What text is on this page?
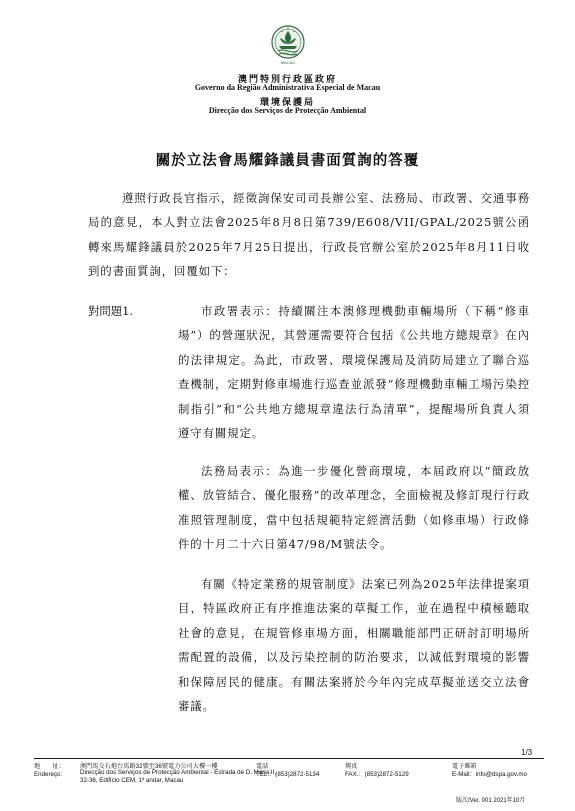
MACAU
澳門特別行政區政府
Governo da Região Administrativa Especial de Macau
環境保護局
Direcção dos Serviços de Protecção Ambiental
關於立法會馬耀鋒議員書面質詢的答覆
遵照行政長官指示，經徵詢保安司司長辦公室、法務局、市政署、交通事務局的意見，本人對立法會2025年8月8日第739/E608/VII/GPAL/2025號公函轉來馬耀鋒議員於2025年7月25日提出，行政長官辦公室於2025年8月11日收到的書面質詢，回覆如下：
對問題1.	市政署表示：持續關注本澳修理機動車輛場所（下稱“修車場”）的營運狀況，其營運需要符合包括《公共地方總規章》在內的法律規定。為此，市政署、環境保護局及消防局建立了聯合巡查機制，定期對修車場進行巡查並派發“修理機動車輛工場污染控制指引”和“公共地方總規章違法行為清單”，提醒場所負責人須遵守有關規定。
法務局表示：為進一步優化營商環境，本屆政府以“簡政放權、放管結合、優化服務”的改革理念，全面檢視及修訂現行行政准照管理制度，當中包括規範特定經濟活動（如修車場）行政條件的十月二十六日第47/98/M號法令。
有關《特定業務的規管制度》法案已列為2025年法律提案項目，特區政府正有序推進法案的草擬工作，並在過程中積極聽取社會的意見，在規管修車場方面，相關職能部門正研討訂明場所需配置的設備，以及污染控制的防治要求，以減低對環境的影響和保障居民的健康。有關法案將於今年內完成草擬並送交立法會審議。
1/3
地　　址：
Endereço：
澳門馬交石炮台馬路32號至36號電力公司大樓一樓
Direcção dos Serviços de Protecção Ambiental - Estrada de D. Maria II,
32-36, Edifício CEM, 1º andar, Macau
電話
TEL.：(853)2872-5134
傳真
FAX.：(853)2872-5129
電子郵箱
E-Mail：info@dspa.gov.mo
版次/Ver. 001 2021年10月
